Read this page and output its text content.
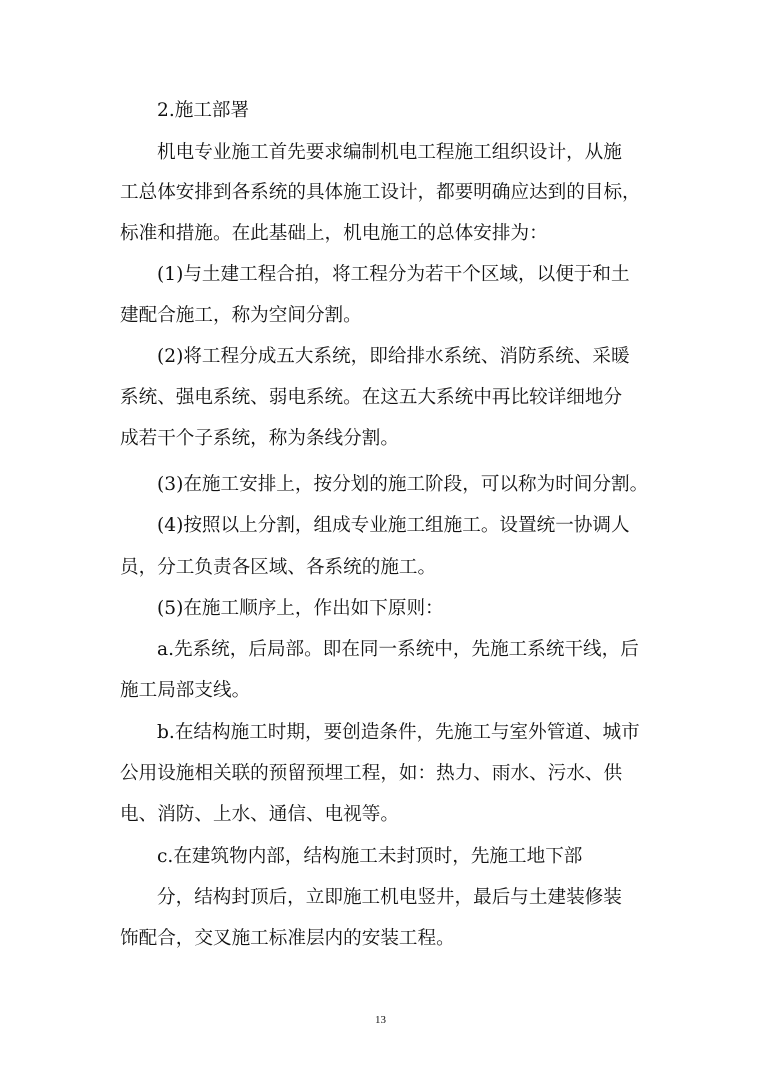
2.施工部署
机电专业施工首先要求编制机电工程施工组织设计，从施
工总体安排到各系统的具体施工设计，都要明确应达到的目标，
标准和措施。在此基础上，机电施工的总体安排为：
(1)与土建工程合拍，将工程分为若干个区域，以便于和土
建配合施工，称为空间分割。
(2)将工程分成五大系统，即给排水系统、消防系统、采暖
系统、强电系统、弱电系统。在这五大系统中再比较详细地分
成若干个子系统，称为条线分割。
(3)在施工安排上，按分划的施工阶段，可以称为时间分割。
(4)按照以上分割，组成专业施工组施工。设置统一协调人
员，分工负责各区域、各系统的施工。
(5)在施工顺序上，作出如下原则：
a.先系统，后局部。即在同一系统中，先施工系统干线，后
施工局部支线。
b.在结构施工时期，要创造条件，先施工与室外管道、城市
公用设施相关联的预留预埋工程，如：热力、雨水、污水、供
电、消防、上水、通信、电视等。
c.在建筑物内部，结构施工未封顶时，先施工地下部
分，结构封顶后，立即施工机电竖井，最后与土建装修装
饰配合，交叉施工标准层内的安装工程。
13
